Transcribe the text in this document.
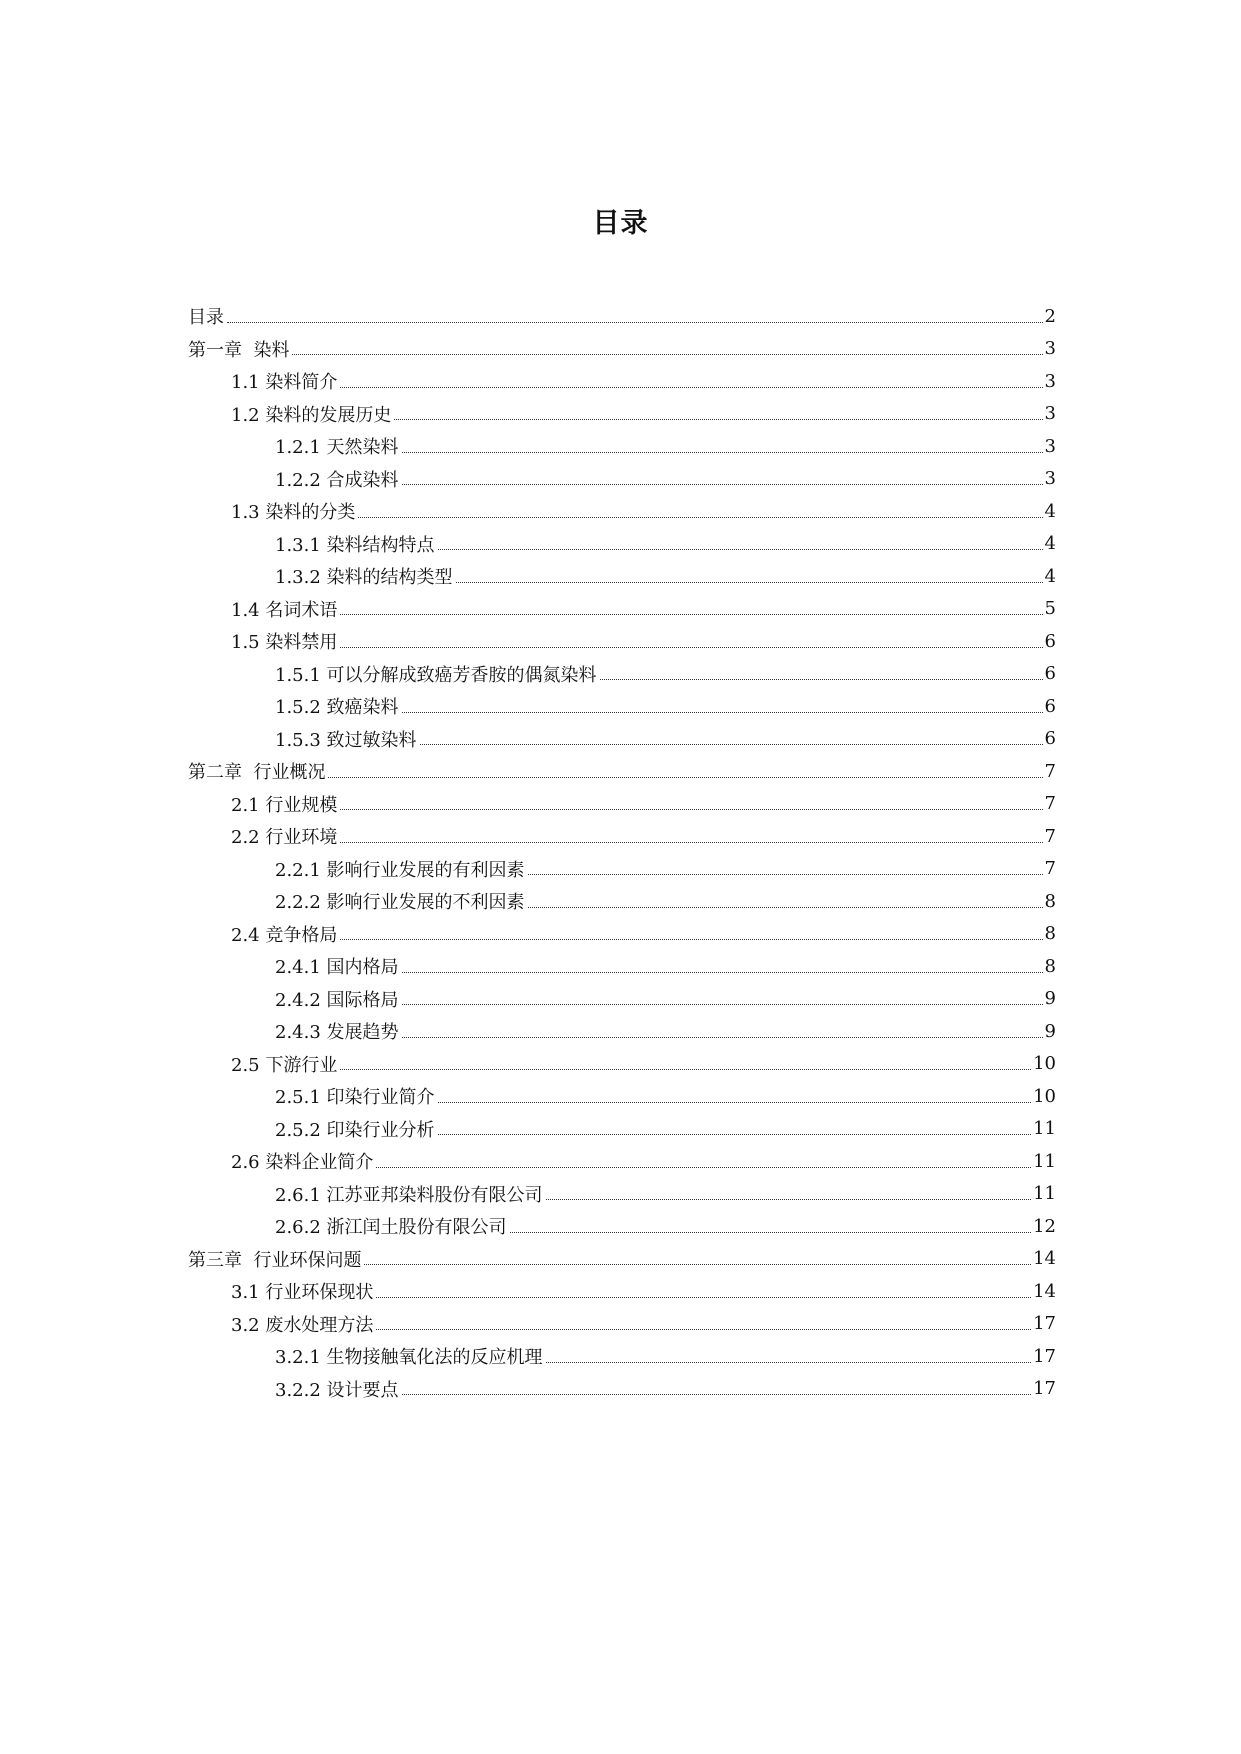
目录
目录	2
第一章  染料	3
1.1 染料简介	3
1.2 染料的发展历史	3
1.2.1 天然染料	3
1.2.2 合成染料	3
1.3 染料的分类	4
1.3.1 染料结构特点	4
1.3.2 染料的结构类型	4
1.4 名词术语	5
1.5 染料禁用	6
1.5.1 可以分解成致癌芳香胺的偶氮染料	6
1.5.2 致癌染料	6
1.5.3 致过敏染料	6
第二章  行业概况	7
2.1 行业规模	7
2.2 行业环境	7
2.2.1 影响行业发展的有利因素	7
2.2.2 影响行业发展的不利因素	8
2.4 竞争格局	8
2.4.1 国内格局	8
2.4.2 国际格局	9
2.4.3 发展趋势	9
2.5 下游行业	10
2.5.1 印染行业简介	10
2.5.2 印染行业分析	11
2.6 染料企业简介	11
2.6.1 江苏亚邦染料股份有限公司	11
2.6.2 浙江闰土股份有限公司	12
第三章  行业环保问题	14
3.1 行业环保现状	14
3.2 废水处理方法	17
3.2.1 生物接触氧化法的反应机理	17
3.2.2 设计要点	17
